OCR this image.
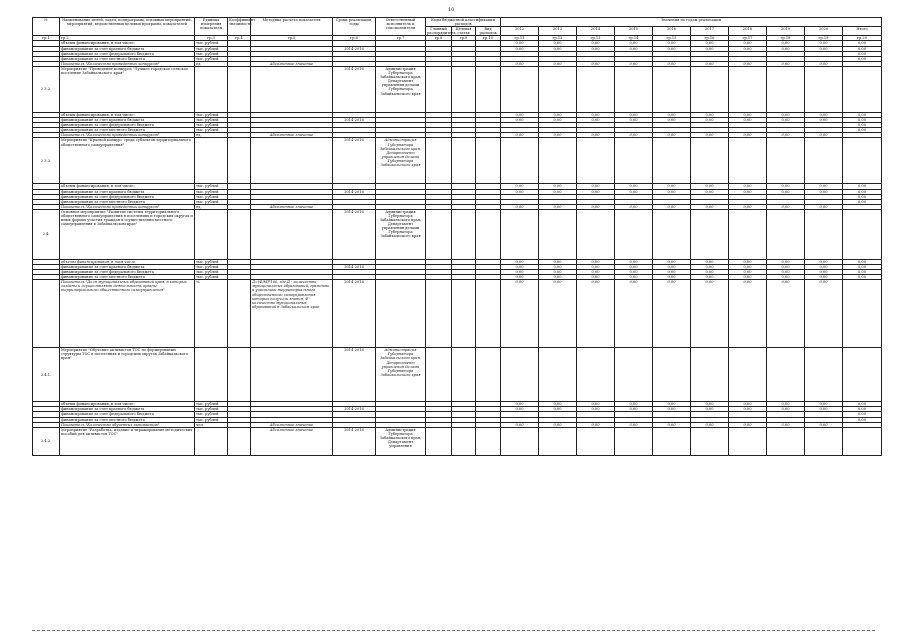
10
№	Наименование целей, задач, подпрограмм, основных мероприятий, мероприятий, ведомственных целевых программ, показателей	Единица измерения показателя	Коэффициент значимости	Методика расчета показателя	Сроки реализации, годы	Ответственный исполнитель и соисполнители	Коды бюджетной классификации расходов			Значения по годам реализации									
							Главный распорядитель	Целевая статья	Вид расходов	2012	2013	2014	2015	2016	2017	2018	2019	2020	Итого
гр.1	гр.2	гр.3	гр.4	гр.5	гр.6	гр.7	гр.8	гр.9	гр.10	гр.11	гр.12	гр.13	гр.14	гр.15	гр.16	гр.17	гр.18	гр.19	гр.20
	объемы финансирования, в том числе:	тыс. рублей								0,00	0,00	0,00	0,00	0,00	0,00	0,00	0,00	0,00	0,00
	финансирование за счет краевого бюджета	тыс. рублей			2014-2016					0,00	0,00	0,00	0,00	0,00	0,00	0,00	0,00	0,00	0,00
	финансирование за счет федерального бюджета	тыс. рублей																	0,00
	финансирование за счет местного бюджета	тыс. рублей																	0,00
	Показатель "Количество проведенных конкурсов"	ед.		Абсолютное значение						0,00	0,00	0,00	0,00	0,00	0,00	0,00	0,00	0,00	
2.3.2.	Мероприятие "Проведение конкурса "Лучшее городское сельское поселение Забайкальского края"				2014-2016	Администрация Губернатора Забайкальского края, Департамент управления делами Губернатора Забайкальского края													
	объемы финансирования, в том числе:	тыс. рублей								0,00	0,00	0,00	0,00	0,00	0,00	0,00	0,00	0,00	0,00
	финансирование за счет краевого бюджета	тыс. рублей			2014-2016					0,00	0,00	0,00	0,00	0,00	0,00	0,00	0,00	0,00	0,00
	финансирование за счет федерального бюджета	тыс. рублей																	0,00
	финансирование за счет местного бюджета	тыс. рублей																	0,00
	Показатель "Количество проведенных конкурсов"	ед.		Абсолютное значение						0,00	0,00	0,00	0,00	0,00	0,00	0,00	0,00	0,00	
2.3.3.	Мероприятие "Краевой конкурс среди субъектов территориального общественного самоуправления"				2014-2016	Администрация Губернатора Забайкальского края, Департамент управления делами Губернатора Забайкальского края													
	объемы финансирования, в том числе:	тыс. рублей								0,00	0,00	0,00	0,00	0,00	0,00	0,00	0,00	0,00	0,00
	финансирование за счет краевого бюджета	тыс. рублей			2014-2016					0,00	0,00	0,00	0,00	0,00	0,00	0,00	0,00	0,00	0,00
	финансирование за счет федерального бюджета	тыс. рублей																	0,00
	финансирование за счет местного бюджета	тыс. рублей																	0,00
	Показатель "Количество проведенных конкурсов"	ед.		Абсолютное значение						0,00	0,00	0,00	0,00	0,00	0,00	0,00	0,00	0,00	
2.4.	Основное мероприятие "Развитие системы территориального общественного самоуправления в поселениях и городских округах и иных формах участия граждан в осуществлении местного самоуправления в Забайкальском крае"				2014-2016	Администрация Губернатора Забайкальского края, Департамент управления делами Губернатора Забайкальского края													
	объемы финансирования, в том числе:	тыс. рублей								0,00	0,00	0,00	0,00	0,00	0,00	0,00	0,00	0,00	0,00
	финансирование за счет краевого бюджета	тыс. рублей			2014-2016					0,00	0,00	0,00	0,00	0,00	0,00	0,00	0,00	0,00	0,00
	финансирование за счет федерального бюджета	тыс. рублей								0,00	0,00	0,00	0,00	0,00	0,00	0,00	0,00	0,00	0,00
	финансирование за счет местного бюджета	тыс. рублей								0,00	0,00	0,00	0,00	0,00	0,00	0,00	0,00	0,00	0,00
	Показатель "Доля муниципальных образований края, в которых созданы и осуществляют деятельность органы территориального общественного самоуправления"	%		Д=(Ф/М)*100, где Д - количество муниципальных образований, граждане и участники территориального общественного самоуправления которых получили знания, Ф - количество муниципальных образований в Забайкальском крае	2014-2016					0,00	0,00	0,00	0,00	0,00	0,00	0,00	0,00	0,00	
2.4.1.	Мероприятие "Обучение активистов ТОС по формированию структуры ТОС в поселениях и городских округах Забайкальского края"				2014-2016	Администрация Губернатора Забайкальского края, Департамент управления делами Губернатора Забайкальского края													
	объемы финансирования, в том числе:	тыс. рублей								0,00	0,00	0,00	0,00	0,00	0,00	0,00	0,00	0,00	0,00
	финансирование за счет краевого бюджета	тыс. рублей			2014-2016					0,00	0,00	0,00	0,00	0,00	0,00	0,00	0,00	0,00	0,00
	финансирование за счет федерального бюджета	тыс. рублей																	0,00
	финансирование за счет местного бюджета	тыс. рублей																	0,00
	Показатель "Количество обученных активистов"	чел.		Абсолютное значение						0,00	0,00	0,00	0,00	0,00	0,00	0,00	0,00	0,00	
2.4.2.	Мероприятие "Разработка, издание и тиражирование методических пособий для активистов ТОС"			Абсолютное значение	2014-2016	Администрация Губернатора Забайкальского края, Департамент управления													
